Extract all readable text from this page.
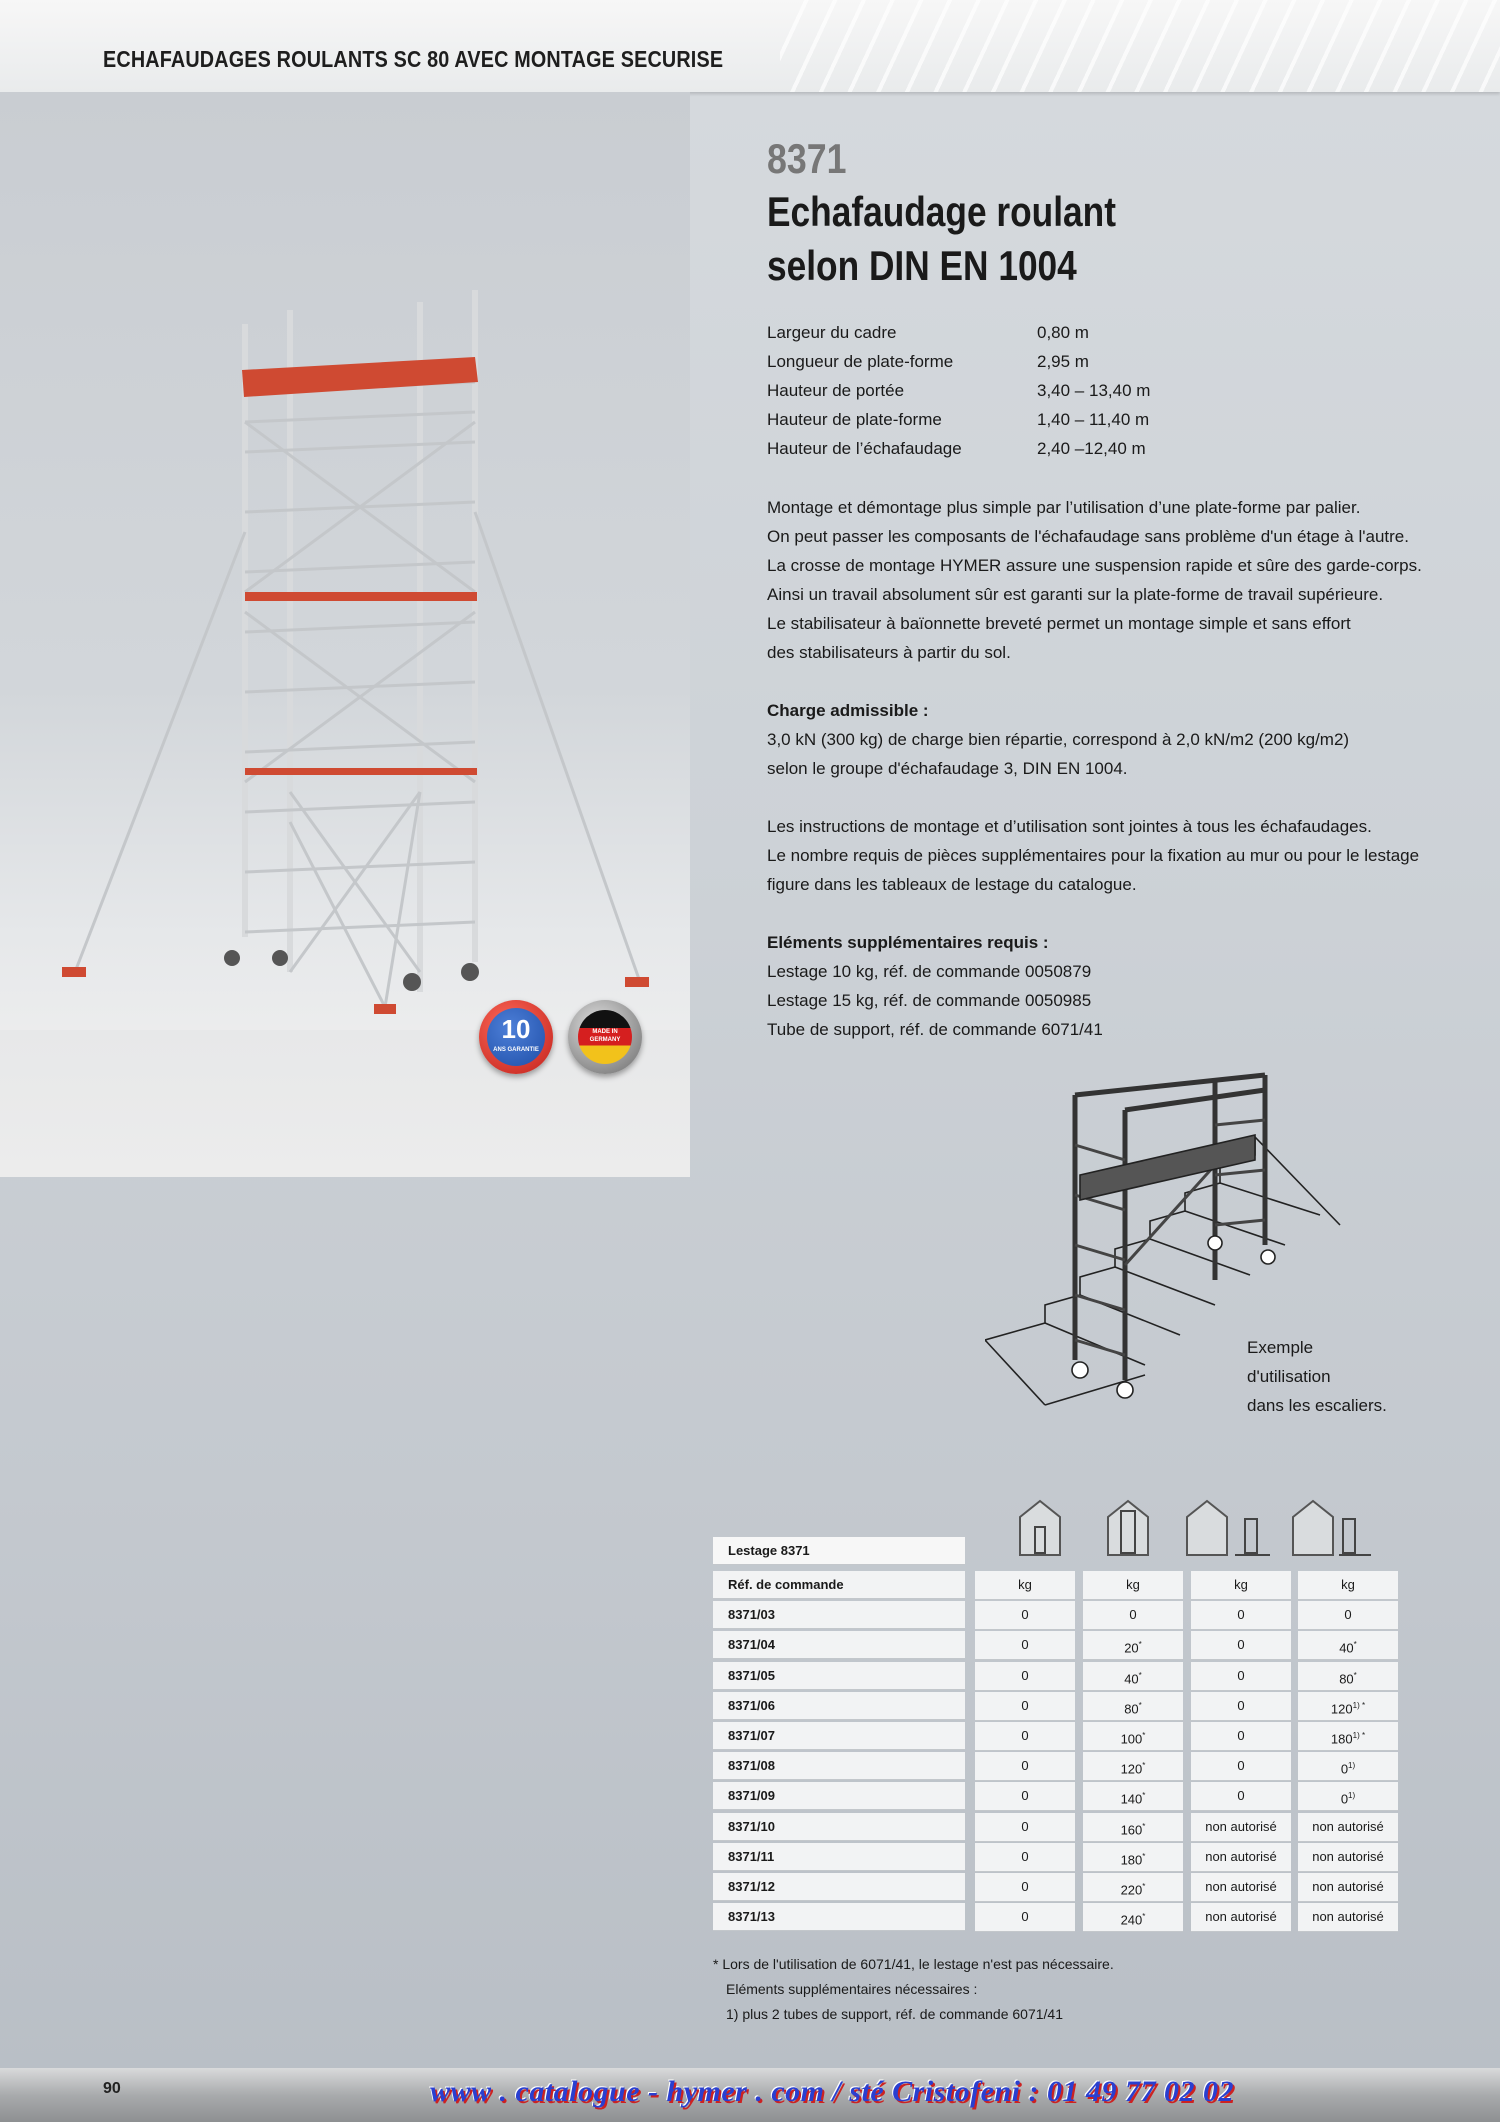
ECHAFAUDAGES ROULANTS SC 80 AVEC MONTAGE SECURISE
10
ANS GARANTIE
MADE IN GERMANY
8371
Echafaudage roulant
selon DIN EN 1004
Largeur du cadre	0,80 m
Longueur de plate-forme	2,95 m
Hauteur de portée	3,40 – 13,40 m
Hauteur de plate-forme	1,40 – 11,40 m
Hauteur de l’échafaudage	2,40 –12,40 m
Montage et démontage plus simple par l’utilisation d’une plate-forme par palier.
On peut passer les composants de l'échafaudage sans problème d'un étage à l'autre.
La crosse de montage HYMER assure une suspension rapide et sûre des garde-corps.
Ainsi un travail absolument sûr est garanti sur la plate-forme de travail supérieure.
Le stabilisateur à baïonnette breveté permet un montage simple et sans effort
des stabilisateurs à partir du sol.
Charge admissible :
3,0 kN (300 kg) de charge bien répartie, correspond à 2,0 kN/m2 (200 kg/m2)
selon le groupe d'échafaudage 3, DIN EN 1004.
Les instructions de montage et d’utilisation sont jointes à tous les échafaudages.
Le nombre requis de pièces supplémentaires pour la fixation au mur ou pour le lestage
figure dans les tableaux de lestage du catalogue.
Eléments supplémentaires requis :
Lestage 10 kg, réf. de commande 0050879
Lestage 15 kg, réf. de commande 0050985
Tube de support, réf. de commande 6071/41
Exemple
d'utilisation
dans les escaliers.
Lestage 8371
Réf. de commande	kg	kg	kg	kg
8371/03	0	0	0	0
8371/04	0	20*	0	40*
8371/05	0	40*	0	80*
8371/06	0	80*	0	$120^{1) *}$
8371/07	0	100*	0	$180^{1) *}$
8371/08	0	120*	0	0$^{1)}$
8371/09	0	140*	0	0$^{1)}$
8371/10	0	160*	non autorisé	non autorisé
8371/11	0	180*	non autorisé	non autorisé
8371/12	0	220*	non autorisé	non autorisé
8371/13	0	240*	non autorisé	non autorisé
* Lors de l'utilisation de 6071/41, le lestage n'est pas nécessaire.
Eléments supplémentaires nécessaires :
1) plus 2 tubes de support, réf. de commande 6071/41
90	www . catalogue - hymer . com / sté Cristofeni : 01 49 77 02 02
